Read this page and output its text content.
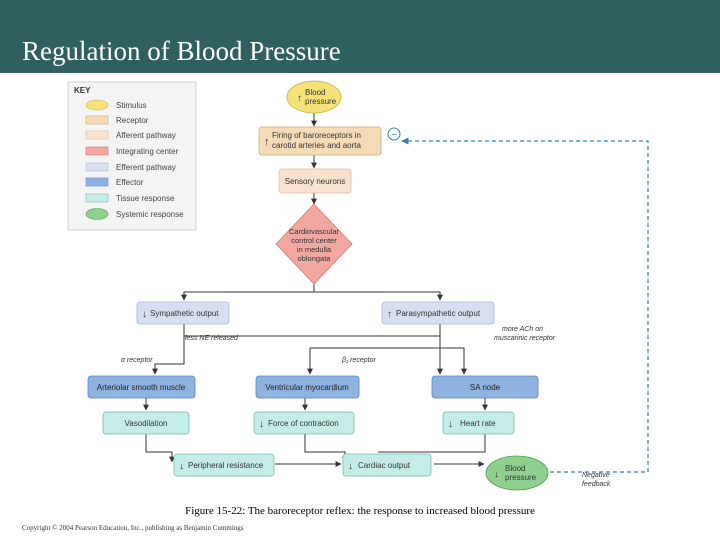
Regulation of Blood Pressure
KEY
Stimulus
Receptor
Afferent pathway
Integrating center
Efferent pathway
Effector
Tissue response
Systemic response
−
↑
Blood
pressure
↑
Firing of baroreceptors in
carotid arteries and aorta
Sensory neurons
Cardiovascular
control center
in medulla
oblongata
↓ Sympathetic output
less NE released
↑ Parasympathetic output
more ACh on
muscarinic receptor
α receptor	β₁ receptor
Arteriolar smooth muscle	Ventricular myocardium	SA node
Vasodilation	↓ Force of contraction	↓ Heart rate
↓ Peripheral resistance	↓ Cardiac output
↓
Blood
pressure	Negative
feedback
Figure 15-22: The baroreceptor reflex: the response to increased blood pressure
Copyright © 2004 Pearson Education, Inc., publishing as Benjamin Cummings
